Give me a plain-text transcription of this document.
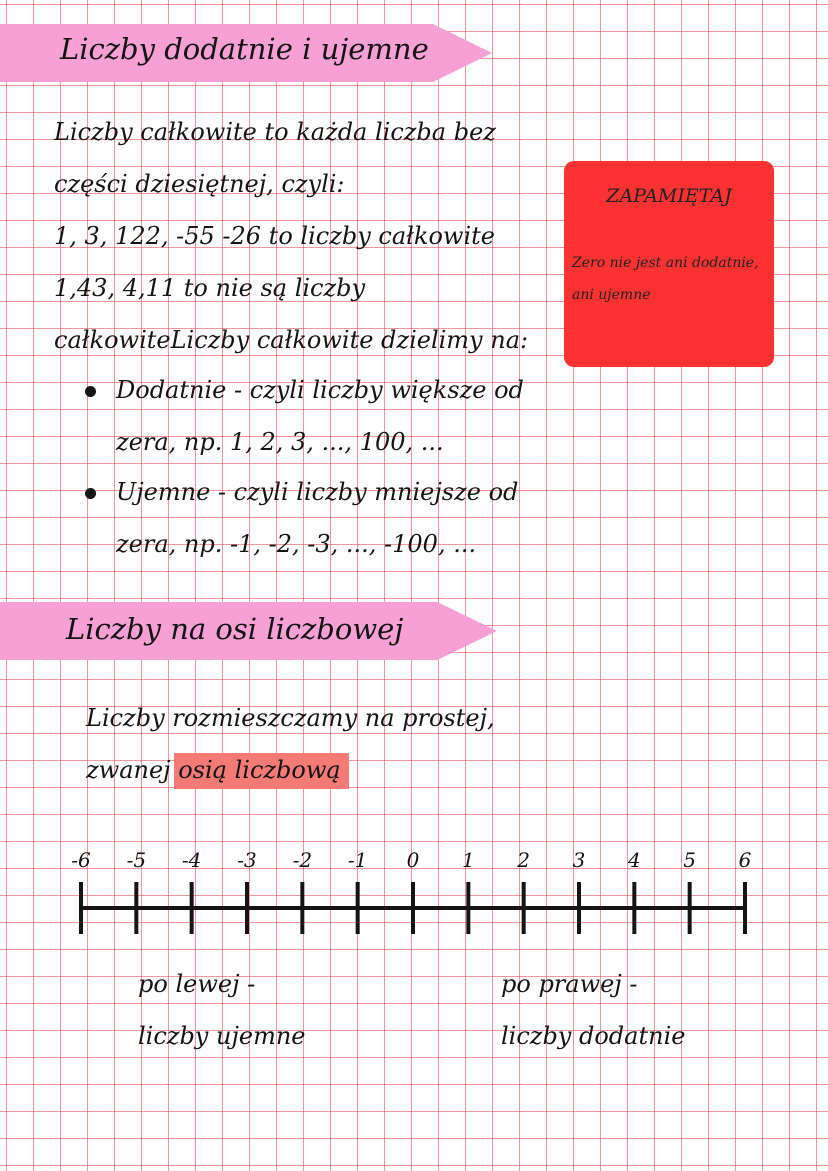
Liczby dodatnie i ujemne
Liczby całkowite to każda liczba bez
części dziesiętnej, czyli:
1, 3, 122, -55 -26 to liczby całkowite
1,43, 4,11 to nie są liczby
całkowiteLiczby całkowite dzielimy na:
Dodatnie - czyli liczby większe od
zera, np. 1, 2, 3, ..., 100, ...
Ujemne - czyli liczby mniejsze od
zera, np. -1, -2, -3, ..., -100, ...
ZAPAMIĘTAJ
Zero nie jest ani dodatnie, ani ujemne
Liczby na osi liczbowej
Liczby rozmieszczamy na prostej,
zwanej osią liczbową
-6 -5 -4 -3 -2 -1 0 1 2 3 4 5 6
po lewej -
liczby ujemne
po prawej -
liczby dodatnie
